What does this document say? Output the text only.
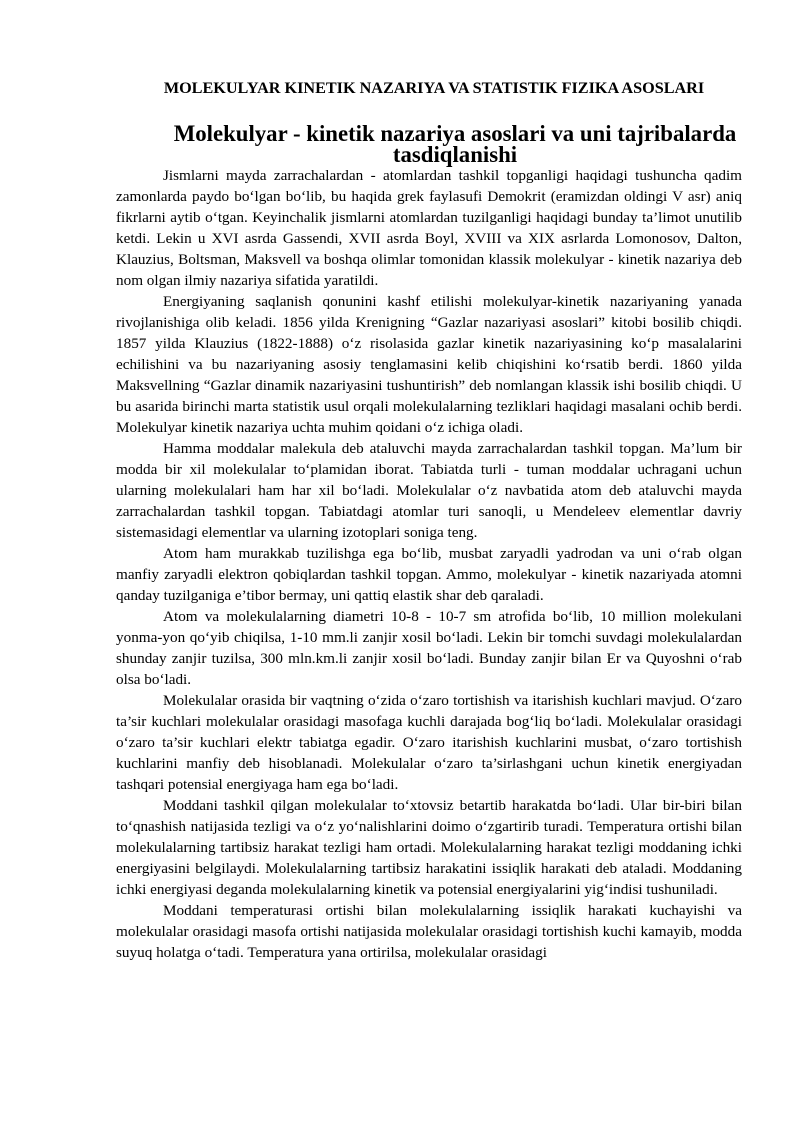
MOLEKULYAR KINETIK NAZARIYA VA STATISTIK FIZIKA ASOSLARI
Molekulyar - kinetik nazariya asoslari va uni tajribalarda tasdiqlanishi

Jismlarni mayda zarrachalardan - atomlardan tashkil topganligi haqidagi tushuncha qadim zamonlarda paydo bo‘lgan bo‘lib, bu haqida grek faylasufi Demokrit (eramizdan oldingi V asr) aniq fikrlarni aytib o‘tgan. Keyinchalik jismlarni atomlardan tuzilganligi haqidagi bunday ta’limot unutilib ketdi. Lekin u XVI asrda Gassendi, XVII asrda Boyl, XVIII va XIX asrlarda Lomonosov, Dalton, Klauzius, Boltsman, Maksvell va boshqa olimlar tomonidan klassik molekulyar - kinetik nazariya deb nom olgan ilmiy nazariya sifatida yaratildi.

Energiyaning saqlanish qonunini kashf etilishi molekulyar-kinetik nazariyaning yanada rivojlanishiga olib keladi. 1856 yilda Krenigning “Gazlar nazariyasi asoslari” kitobi bosilib chiqdi. 1857 yilda Klauzius (1822-1888) o‘z risolasida gazlar kinetik nazariyasining ko‘p masalalarini echilishini va bu nazariyaning asosiy tenglamasini kelib chiqishini ko‘rsatib berdi. 1860 yilda Maksvellning “Gazlar dinamik nazariyasini tushuntirish” deb nomlangan klassik ishi bosilib chiqdi. U bu asarida birinchi marta statistik usul orqali molekulalarning tezliklari haqidagi masalani ochib berdi. Molekulyar kinetik nazariya uchta muhim qoidani o‘z ichiga oladi.

Hamma moddalar malekula deb ataluvchi mayda zarrachalardan tashkil topgan. Ma’lum bir modda bir xil molekulalar to‘plamidan iborat. Tabiatda turli - tuman moddalar uchragani uchun ularning molekulalari ham har xil bo‘ladi. Molekulalar o‘z navbatida atom deb ataluvchi mayda zarrachalardan tashkil topgan. Tabiatdagi atomlar turi sanoqli, u Mendeleev elementlar davriy sistemasidagi elementlar va ularning izotoplari soniga teng.

Atom ham murakkab tuzilishga ega bo‘lib, musbat zaryadli yadrodan va uni o‘rab olgan manfiy zaryadli elektron qobiqlardan tashkil topgan. Ammo, molekulyar - kinetik nazariyada atomni qanday tuzilganiga e’tibor bermay, uni qattiq elastik shar deb qaraladi.

Atom va molekulalarning diametri 10-8 - 10-7 sm atrofida bo‘lib, 10 million molekulani yonma-yon qo‘yib chiqilsa, 1-10 mm.li zanjir xosil bo‘ladi. Lekin bir tomchi suvdagi molekulalardan shunday zanjir tuzilsa, 300 mln.km.li zanjir xosil bo‘ladi. Bunday zanjir bilan Er va Quyoshni o‘rab olsa bo‘ladi.

Molekulalar orasida bir vaqtning o‘zida o‘zaro tortishish va itarishish kuchlari mavjud. O‘zaro ta’sir kuchlari molekulalar orasidagi masofaga kuchli darajada bog‘liq bo‘ladi. Molekulalar orasidagi o‘zaro ta’sir kuchlari elektr tabiatga egadir. O‘zaro itarishish kuchlarini musbat, o‘zaro tortishish kuchlarini manfiy deb hisoblanadi. Molekulalar o‘zaro ta’sirlashgani uchun kinetik energiyadan tashqari potensial energiyaga ham ega bo‘ladi.

Moddani tashkil qilgan molekulalar to‘xtovsiz betartib harakatda bo‘ladi. Ular bir-biri bilan to‘qnashish natijasida tezligi va o‘z yo‘nalishlarini doimo o‘zgartirib turadi. Temperatura ortishi bilan molekulalarning tartibsiz harakat tezligi ham ortadi. Molekulalarning harakat tezligi moddaning ichki energiyasini belgilaydi. Molekulalarning tartibsiz harakatini issiqlik harakati deb ataladi. Moddaning ichki energiyasi deganda molekulalarning kinetik va potensial energiyalarini yig‘indisi tushuniladi.

Moddani temperaturasi ortishi bilan molekulalarning issiqlik harakati kuchayishi va molekulalar orasidagi masofa ortishi natijasida molekulalar orasidagi tortishish kuchi kamayib, modda suyuq holatga o‘tadi. Temperatura yana ortirilsa, molekulalar orasidagi
